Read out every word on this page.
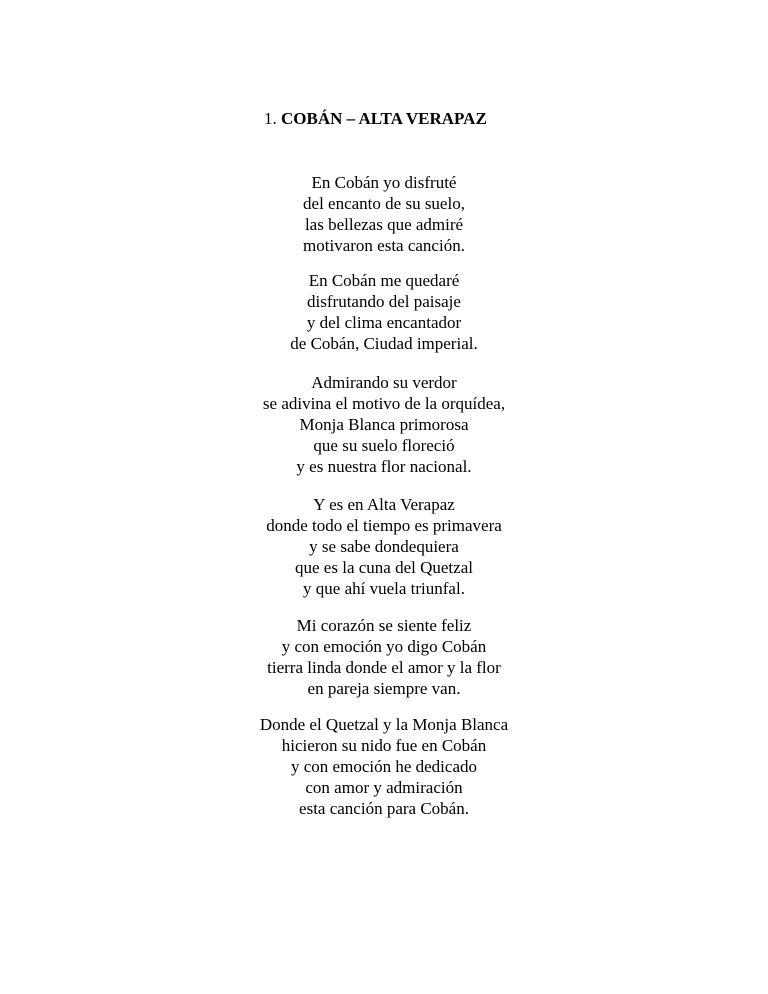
1. COBÁN – ALTA VERAPAZ
En Cobán yo disfruté
del encanto de su suelo,
las bellezas que admiré
motivaron esta canción.
En Cobán me quedaré
disfrutando del paisaje
y del clima encantador
de Cobán, Ciudad imperial.
Admirando su verdor
se adivina el motivo de la orquídea,
Monja Blanca primorosa
que su suelo floreció
y es nuestra flor nacional.
Y es en Alta Verapaz
donde todo el tiempo es primavera
y se sabe dondequiera
que es la cuna del Quetzal
y que ahí vuela triunfal.
Mi corazón se siente feliz
y con emoción yo digo Cobán
tierra linda donde el amor y la flor
en pareja siempre van.
Donde el Quetzal y la Monja Blanca
hicieron su nido fue en Cobán
y con emoción he dedicado
con amor y admiración
esta canción para Cobán.
